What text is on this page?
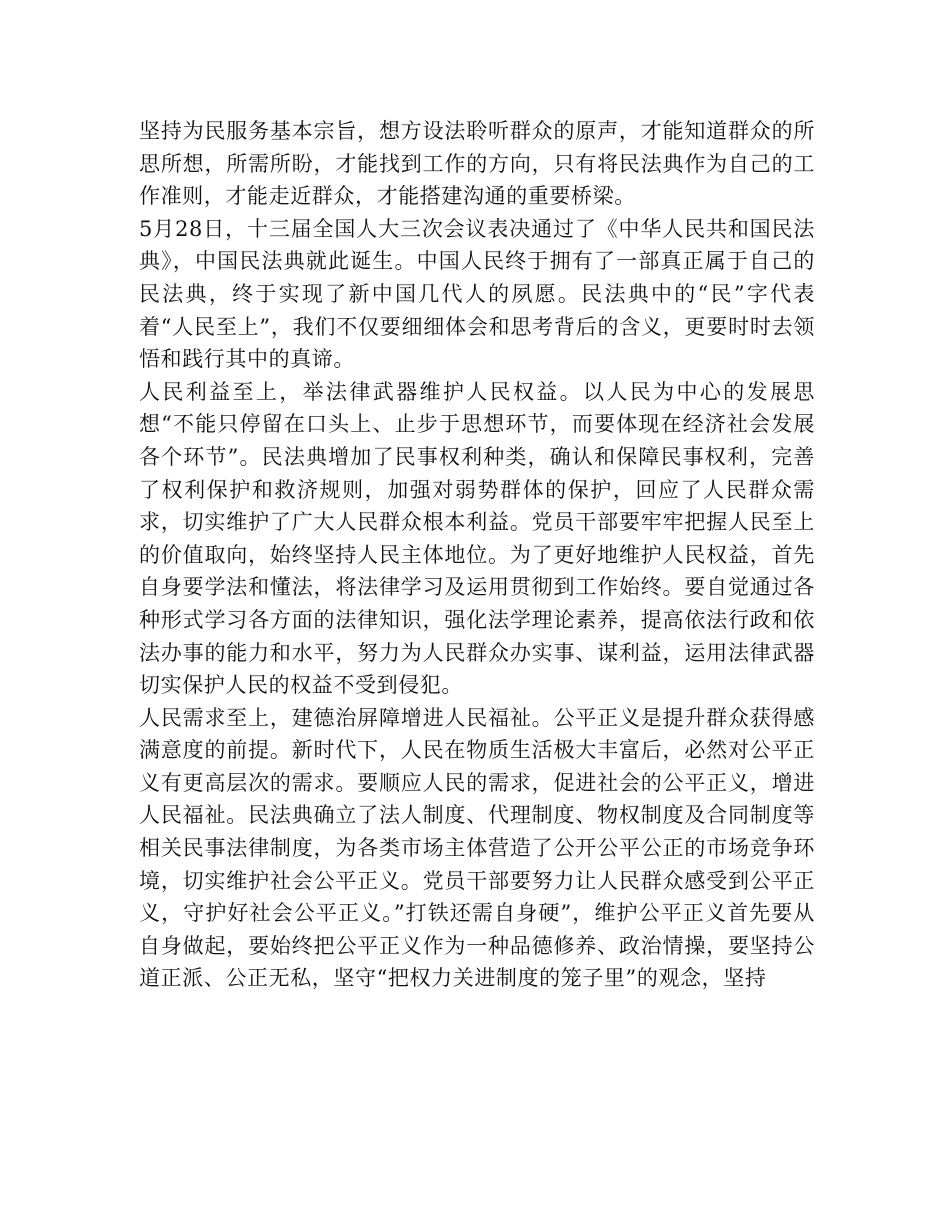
坚持为民服务基本宗旨，想方设法聆听群众的原声，才能知道群众的所思所想，所需所盼，才能找到工作的方向，只有将民法典作为自己的工作准则，才能走近群众，才能搭建沟通的重要桥梁。

5月28日，十三届全国人大三次会议表决通过了《中华人民共和国民法典》，中国民法典就此诞生。中国人民终于拥有了一部真正属于自己的民法典，终于实现了新中国几代人的夙愿。民法典中的“民”字代表着“人民至上”，我们不仅要细细体会和思考背后的含义，更要时时去领悟和践行其中的真谛。

人民利益至上，举法律武器维护人民权益。以人民为中心的发展思想“不能只停留在口头上、止步于思想环节，而要体现在经济社会发展各个环节”。民法典增加了民事权利种类，确认和保障民事权利，完善了权利保护和救济规则，加强对弱势群体的保护，回应了人民群众需求，切实维护了广大人民群众根本利益。党员干部要牢牢把握人民至上的价值取向，始终坚持人民主体地位。为了更好地维护人民权益，首先自身要学法和懂法，将法律学习及运用贯彻到工作始终。要自觉通过各种形式学习各方面的法律知识，强化法学理论素养，提高依法行政和依法办事的能力和水平，努力为人民群众办实事、谋利益，运用法律武器切实保护人民的权益不受到侵犯。

人民需求至上，建德治屏障增进人民福祉。公平正义是提升群众获得感满意度的前提。新时代下，人民在物质生活极大丰富后，必然对公平正义有更高层次的需求。要顺应人民的需求，促进社会的公平正义，增进人民福祉。民法典确立了法人制度、代理制度、物权制度及合同制度等相关民事法律制度，为各类市场主体营造了公开公平公正的市场竞争环境，切实维护社会公平正义。党员干部要努力让人民群众感受到公平正义，守护好社会公平正义。”打铁还需自身硬”，维护公平正义首先要从自身做起，要始终把公平正义作为一种品德修养、政治情操，要坚持公道正派、公正无私，坚守“把权力关进制度的笼子里”的观念，坚持
